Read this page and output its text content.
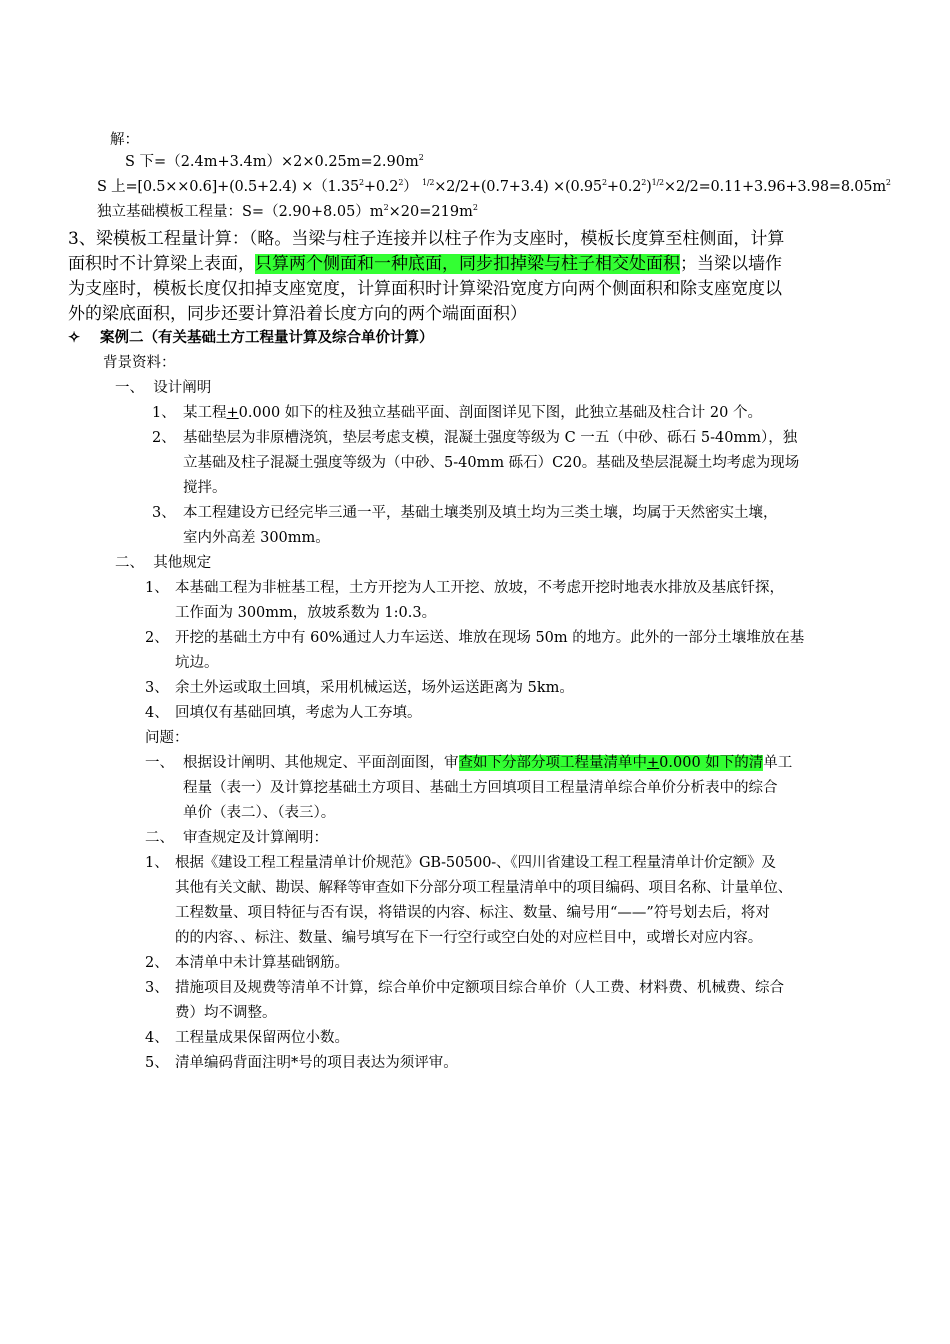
解：
S 下$=(2.4m+3.4m)\times 2\times 0.25m=2.90m^2$
S 上$=[0.5\times\times 0.6]+(0.5+2.4) \times(1.35^2+0.2^2)$ $^{1/2}\times 2/2+(0.7+3.4) \times(0.95^2+0.2^2)^{1/2}\times 2/2=0.11+3.96+3.98=8.05m^2$
独立基础模板工程量：$S=(2.90+8.05)m^2\times 20=219m^2$
3、梁模板工程量计算：（略。当梁与柱子连接并以柱子作为支座时，模板长度算至柱侧面，计算
面积时不计算梁上表面，只算两个侧面和一种底面，同步扣掉梁与柱子相交处面积；当梁以墙作
为支座时，模板长度仅扣掉支座宽度，计算面积时计算梁沿宽度方向两个侧面积和除支座宽度以
外的梁底面积，同步还要计算沿着长度方向的两个端面面积）
✧ 案例二（有关基础土方工程量计算及综合单价计算）
背景资料：
一、  设计阐明
1、 某工程+0.000 如下的柱及独立基础平面、剖面图详见下图，此独立基础及柱合计 20 个。
2、 基础垫层为非原槽浇筑，垫层考虑支模，混凝土强度等级为 C 一五（中砂、砾石 5-40mm），独
立基础及柱子混凝土强度等级为（中砂、5-40mm 砾石）C20。基础及垫层混凝土均考虑为现场
搅拌。
3、 本工程建设方已经完毕三通一平，基础土壤类别及填土均为三类土壤，均属于天然密实土壤，
室内外高差 300mm。
二、  其他规定
1、 本基础工程为非桩基工程，土方开挖为人工开挖、放坡，不考虑开挖时地表水排放及基底钎探，
工作面为 300mm，放坡系数为 1:0.3。
2、 开挖的基础土方中有 60%通过人力车运送、堆放在现场 50m 的地方。此外的一部分土壤堆放在基
坑边。
3、 余土外运或取土回填，采用机械运送，场外运送距离为 5km。
4、 回填仅有基础回填，考虑为人工夯填。
问题：
一、 根据设计阐明、其他规定、平面剖面图，审查如下分部分项工程量清单中+0.000 如下的清单工
程量（表一）及计算挖基础土方项目、基础土方回填项目工程量清单综合单价分析表中的综合
单价（表二）、（表三）。
二、 审查规定及计算阐明：
1、 根据《建设工程工程量清单计价规范》GB-50500-、《四川省建设工程工程量清单计价定额》及
其他有关文献、勘误、解释等审查如下分部分项工程量清单中的项目编码、项目名称、计量单位、
工程数量、项目特征与否有误，将错误的内容、标注、数量、编号用“——”符号划去后，将对
的的内容、、标注、数量、编号填写在下一行空行或空白处的对应栏目中，或增长对应内容。
2、 本清单中未计算基础钢筋。
3、 措施项目及规费等清单不计算，综合单价中定额项目综合单价（人工费、材料费、机械费、综合
费）均不调整。
4、 工程量成果保留两位小数。
5、 清单编码背面注明*号的项目表达为须评审。
